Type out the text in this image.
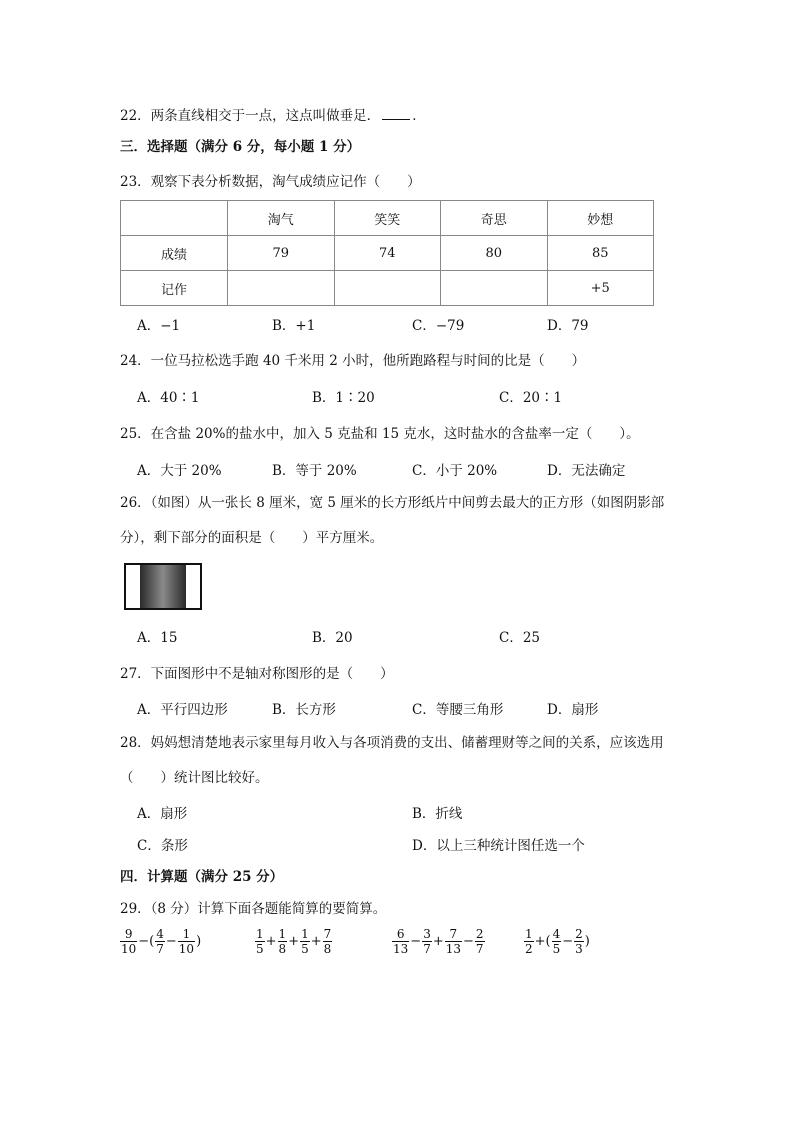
22．两条直线相交于一点，这点叫做垂足． ．
三．选择题（满分 6 分，每小题 1 分）
23．观察下表分析数据，淘气成绩应记作（　　）
	淘气	笑笑	奇思	妙想
成绩	79	74	80	85
记作				+5
A．−1	B．+1	C．−79	D．79
24．一位马拉松选手跑 40 千米用 2 小时，他所跑路程与时间的比是（　　）
A．40∶1	B．1∶20	C．20∶1
25．在含盐 20%的盐水中，加入 5 克盐和 15 克水，这时盐水的含盐率一定（　　）。
A．大于 20%	B．等于 20%	C．小于 20%	D．无法确定
26．（如图）从一张长 8 厘米，宽 5 厘米的长方形纸片中间剪去最大的正方形（如图阴影部
分），剩下部分的面积是（　　）平方厘米。
A．15	B．20	C．25
27．下面图形中不是轴对称图形的是（　　）
A．平行四边形	B．长方形	C．等腰三角形	D．扇形
28．妈妈想清楚地表示家里每月收入与各项消费的支出、储蓄理财等之间的关系，应该选用
（　　）统计图比较好。
A．扇形	B．折线
C．条形	D．以上三种统计图任选一个
四．计算题（满分 25 分）
29．（8 分）计算下面各题能简算的要简算。
$\frac{9}{10}$ −( $\frac{4}{7} - \frac{1}{10}$ )	$\frac{1}{5} + \frac{1}{8} + \frac{1}{5} + \frac{7}{8}$	$\frac{6}{13} - \frac{3}{7} + \frac{7}{13} - \frac{2}{7}$	$\frac{1}{2}$ +( $\frac{4}{5} - \frac{2}{3}$ )
